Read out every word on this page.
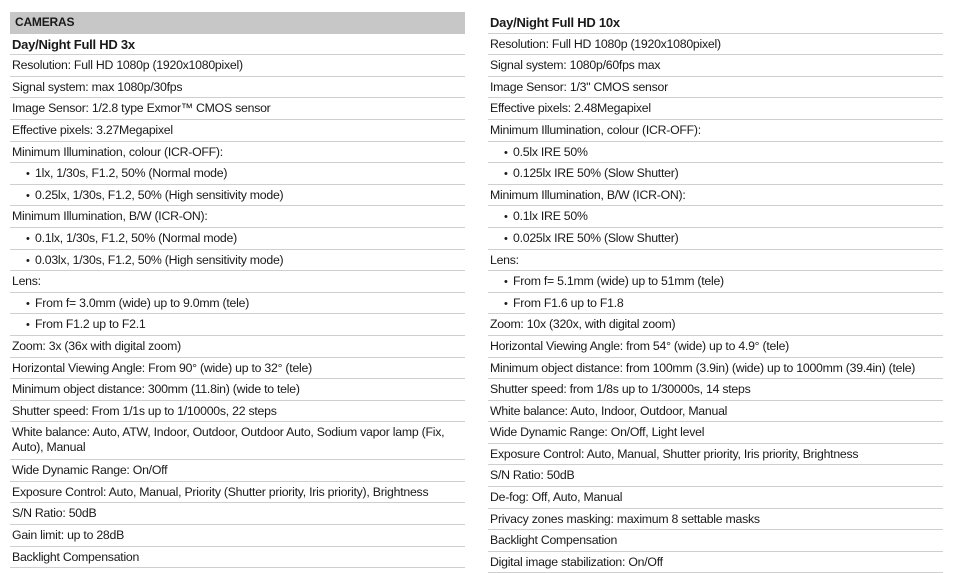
CAMERAS
Day/Night Full HD 3x
Resolution: Full HD 1080p (1920x1080pixel)
Signal system: max 1080p/30fps
Image Sensor: 1/2.8 type Exmor™ CMOS sensor
Effective pixels: 3.27Megapixel
Minimum Illumination, colour (ICR-OFF):
• 1lx, 1/30s, F1.2, 50% (Normal mode)
• 0.25lx, 1/30s, F1.2, 50% (High sensitivity mode)
Minimum Illumination, B/W (ICR-ON):
• 0.1lx, 1/30s, F1.2, 50% (Normal mode)
• 0.03lx, 1/30s, F1.2, 50% (High sensitivity mode)
Lens:
• From f= 3.0mm (wide) up to 9.0mm (tele)
• From F1.2 up to F2.1
Zoom: 3x (36x with digital zoom)
Horizontal Viewing Angle: From 90° (wide) up to 32° (tele)
Minimum object distance: 300mm (11.8in) (wide to tele)
Shutter speed: From 1/1s up to 1/10000s, 22 steps
White balance: Auto, ATW, Indoor, Outdoor, Outdoor Auto, Sodium vapor lamp (Fix, Auto), Manual
Wide Dynamic Range: On/Off
Exposure Control: Auto, Manual, Priority (Shutter priority, Iris priority), Brightness
S/N Ratio: 50dB
Gain limit: up to 28dB
Backlight Compensation
Day/Night Full HD 10x
Resolution: Full HD 1080p (1920x1080pixel)
Signal system: 1080p/60fps max
Image Sensor: 1/3" CMOS sensor
Effective pixels: 2.48Megapixel
Minimum Illumination, colour (ICR-OFF):
• 0.5lx IRE 50%
• 0.125lx IRE 50% (Slow Shutter)
Minimum Illumination, B/W (ICR-ON):
• 0.1lx IRE 50%
• 0.025lx IRE 50% (Slow Shutter)
Lens:
• From f= 5.1mm (wide) up to 51mm (tele)
• From F1.6 up to F1.8
Zoom: 10x (320x, with digital zoom)
Horizontal Viewing Angle: from 54° (wide) up to 4.9° (tele)
Minimum object distance: from 100mm (3.9in) (wide) up to 1000mm (39.4in) (tele)
Shutter speed: from 1/8s up to 1/30000s, 14 steps
White balance: Auto, Indoor, Outdoor, Manual
Wide Dynamic Range: On/Off, Light level
Exposure Control: Auto, Manual, Shutter priority, Iris priority, Brightness
S/N Ratio: 50dB
De-fog: Off, Auto, Manual
Privacy zones masking: maximum 8 settable masks
Backlight Compensation
Digital image stabilization: On/Off
